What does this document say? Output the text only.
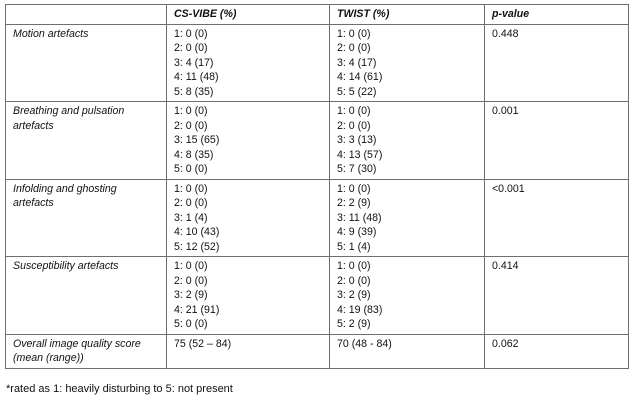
	CS-VIBE (%)	TWIST (%)	p-value

Motion artefacts	1: 0 (0)
2: 0 (0)
3: 4 (17)
4: 11 (48)
5: 8 (35)	1: 0 (0)
2: 0 (0)
3: 4 (17)
4: 14 (61)
5: 5 (22)	0.448

Breathing and pulsation
artefacts	1: 0 (0)
2: 0 (0)
3: 15 (65)
4: 8 (35)
5: 0 (0)	1: 0 (0)
2: 0 (0)
3: 3 (13)
4: 13 (57)
5: 7 (30)	0.001

Infolding and ghosting
artefacts	1: 0 (0)
2: 0 (0)
3: 1 (4)
4: 10 (43)
5: 12 (52)	1: 0 (0)
2: 2 (9)
3: 11 (48)
4: 9 (39)
5: 1 (4)	<0.001

Susceptibility artefacts	1: 0 (0)
2: 0 (0)
3: 2 (9)
4: 21 (91)
5: 0 (0)	1: 0 (0)
2: 0 (0)
3: 2 (9)
4: 19 (83)
5: 2 (9)	0.414

Overall image quality score
(mean (range))	75 (52 – 84)	70 (48 - 84)	0.062
*rated as 1: heavily disturbing to 5: not present
